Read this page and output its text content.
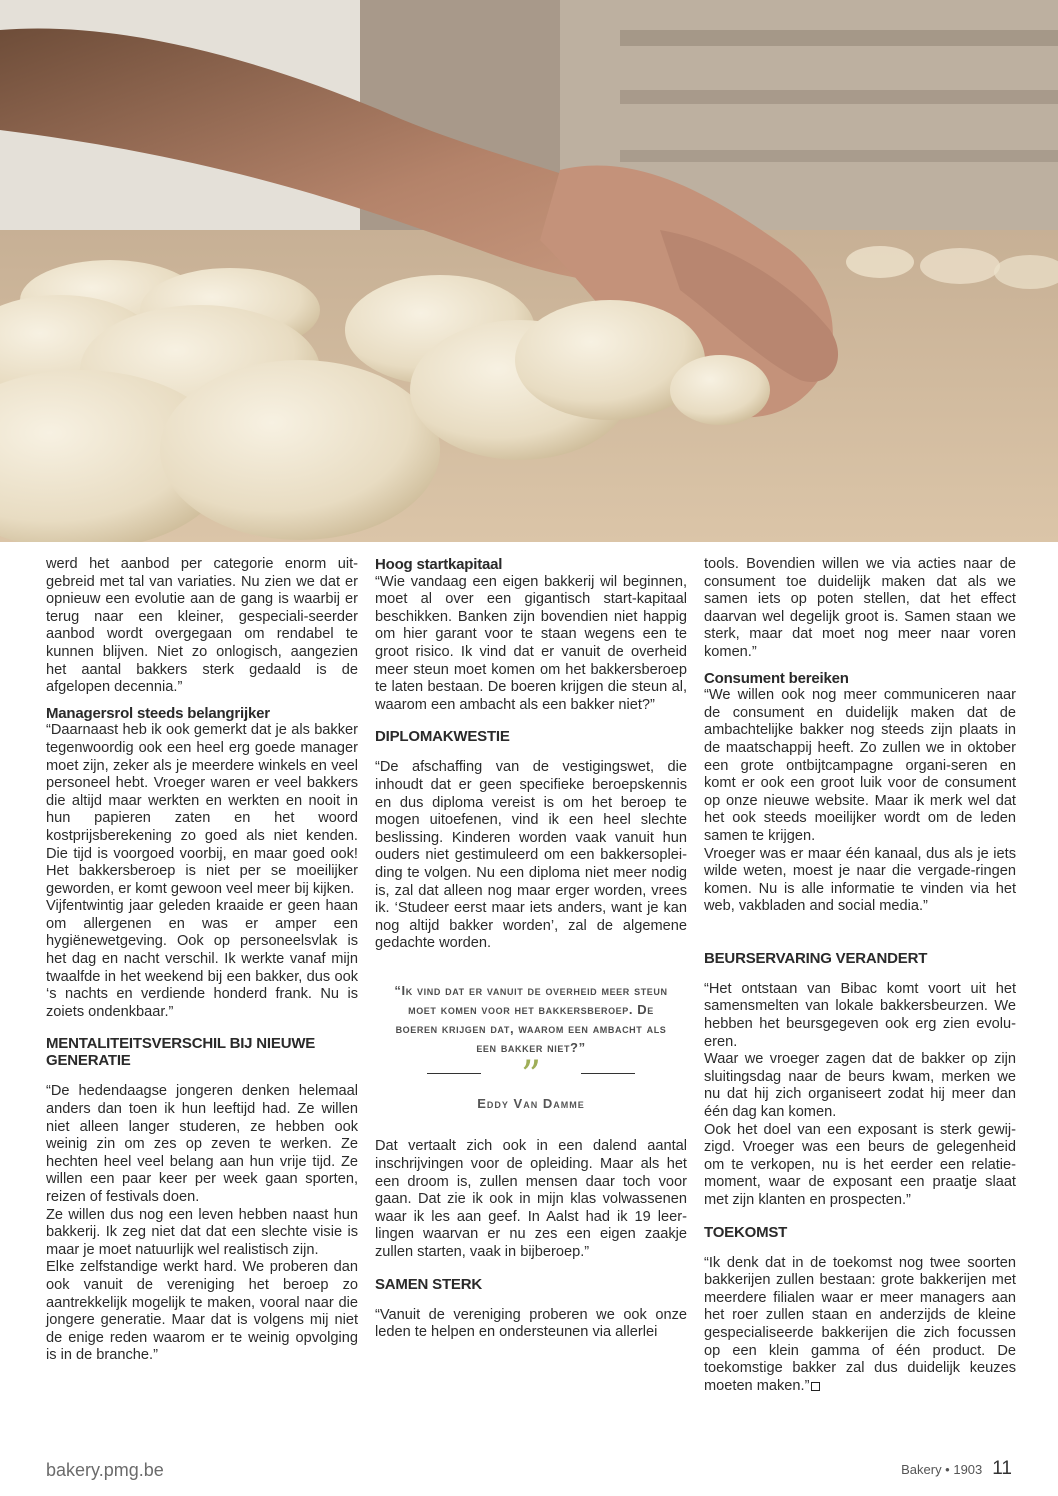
werd het aanbod per categorie enorm uit-gebreid met tal van variaties. Nu zien we dat er opnieuw een evolutie aan de gang is waarbij er terug naar een kleiner, gespeciali-seerder aanbod wordt overgegaan om rendabel te kunnen blijven. Niet zo onlogisch, aangezien het aantal bakkers sterk gedaald is de afgelopen decennia.”

Managersrol steeds belangrijker

“Daarnaast heb ik ook gemerkt dat je als bakker tegenwoordig ook een heel erg goede manager moet zijn, zeker als je meerdere winkels en veel personeel hebt. Vroeger waren er veel bakkers die altijd maar werkten en werkten en nooit in hun papieren zaten en het woord kostprijsberekening zo goed als niet kenden. Die tijd is voorgoed voorbij, en maar goed ook! Het bakkersberoep is niet per se moeilijker geworden, er komt gewoon veel meer bij kijken.

Vijfentwintig jaar geleden kraaide er geen haan om allergenen en was er amper een hygiënewetgeving. Ook op personeelsvlak is het dag en nacht verschil. Ik werkte vanaf mijn twaalfde in het weekend bij een bakker, dus ook ‘s nachts en verdiende honderd frank. Nu is zoiets ondenkbaar.”

MENTALITEITSVERSCHIL BIJ NIEUWE GENERATIE

“De hedendaagse jongeren denken helemaal anders dan toen ik hun leeftijd had. Ze willen niet alleen langer studeren, ze hebben ook weinig zin om zes op zeven te werken. Ze hechten heel veel belang aan hun vrije tijd. Ze willen een paar keer per week gaan sporten, reizen of festivals doen.

Ze willen dus nog een leven hebben naast hun bakkerij. Ik zeg niet dat dat een slechte visie is maar je moet natuurlijk wel realistisch zijn.

Elke zelfstandige werkt hard. We proberen dan ook vanuit de vereniging het beroep zo aantrekkelijk mogelijk te maken, vooral naar die jongere generatie. Maar dat is volgens mij niet de enige reden waarom er te weinig opvolging is in de branche.”

Hoog startkapitaal

“Wie vandaag een eigen bakkerij wil beginnen, moet al over een gigantisch start-kapitaal beschikken. Banken zijn bovendien niet happig om hier garant voor te staan wegens een te groot risico. Ik vind dat er vanuit de overheid meer steun moet komen om het bakkersberoep te laten bestaan. De boeren krijgen die steun al, waarom een ambacht als een bakker niet?”

DIPLOMAKWESTIE

“De afschaffing van de vestigingswet, die inhoudt dat er geen specifieke beroepskennis en dus diploma vereist is om het beroep te mogen uitoefenen, vind ik een heel slechte beslissing. Kinderen worden vaak vanuit hun ouders niet gestimuleerd om een bakkersoplei-ding te volgen. Nu een diploma niet meer nodig is, zal dat alleen nog maar erger worden, vrees ik. ‘Studeer eerst maar iets anders, want je kan nog altijd bakker worden’, zal de algemene gedachte worden.

“Ik vind dat er vanuit de overheid meer steun moet komen voor het bakkersberoep. De boeren krijgen dat, waarom een ambacht als een bakker niet?”
”
Eddy Van Damme

Dat vertaalt zich ook in een dalend aantal inschrijvingen voor de opleiding. Maar als het een droom is, zullen mensen daar toch voor gaan. Dat zie ik ook in mijn klas volwassenen waar ik les aan geef. In Aalst had ik 19 leer-lingen waarvan er nu zes een eigen zaakje zullen starten, vaak in bijberoep.”

SAMEN STERK

“Vanuit de vereniging proberen we ook onze leden te helpen en ondersteunen via allerlei

tools. Bovendien willen we via acties naar de consument toe duidelijk maken dat als we samen iets op poten stellen, dat het effect daarvan wel degelijk groot is. Samen staan we sterk, maar dat moet nog meer naar voren komen.”

Consument bereiken

“We willen ook nog meer communiceren naar de consument en duidelijk maken dat de ambachtelijke bakker nog steeds zijn plaats in de maatschappij heeft. Zo zullen we in oktober een grote ontbijtcampagne organi-seren en komt er ook een groot luik voor de consument op onze nieuwe website. Maar ik merk wel dat het ook steeds moeilijker wordt om de leden samen te krijgen.

Vroeger was er maar één kanaal, dus als je iets wilde weten, moest je naar die vergade-ringen komen. Nu is alle informatie te vinden via het web, vakbladen and social media.”

BEURSERVARING VERANDERT

“Het ontstaan van Bibac komt voort uit het samensmelten van lokale bakkersbeurzen. We hebben het beursgegeven ook erg zien evolu-eren.

Waar we vroeger zagen dat de bakker op zijn sluitingsdag naar de beurs kwam, merken we nu dat hij zich organiseert zodat hij meer dan één dag kan komen.

Ook het doel van een exposant is sterk gewij-zigd. Vroeger was een beurs de gelegenheid om te verkopen, nu is het eerder een relatie-moment, waar de exposant een praatje slaat met zijn klanten en prospecten.”

TOEKOMST

“Ik denk dat in de toekomst nog twee soorten bakkerijen zullen bestaan: grote bakkerijen met meerdere filialen waar er meer managers aan het roer zullen staan en anderzijds de kleine gespecialiseerde bakkerijen die zich focussen op een klein gamma of één product. De toekomstige bakker zal dus duidelijk keuzes moeten maken.”

bakery.pmg.be	Bakery • 1903 11
